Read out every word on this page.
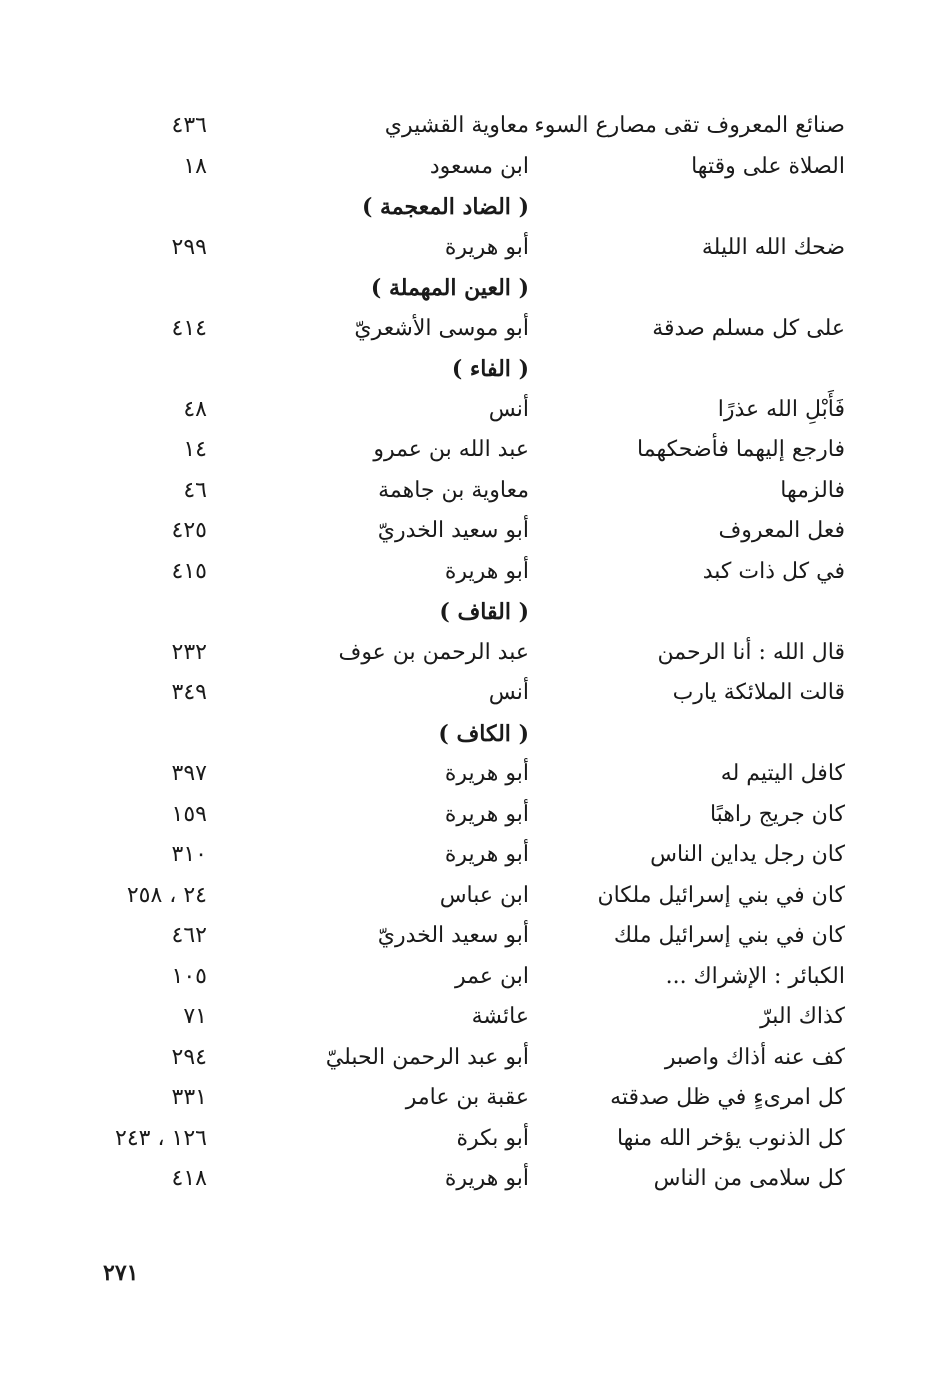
صنائع المعروف تقى مصارع السوء
معاوية القشيري
٤٣٦
الصلاة على وقتها
ابن مسعود
١٨
( الضاد المعجمة )
ضحك الله الليلة
أبو هريرة
٢٩٩
( العين المهملة )
على كل مسلم صدقة
أبو موسى الأشعريّ
٤١٤
( الفاء )
فَأَبْلِ الله عذرًا
أنس
٤٨
فارجع إليهما فأضحكهما
عبد الله بن عمرو
١٤
فالزمها
معاوية بن جاهمة
٤٦
فعل المعروف
أبو سعيد الخدريّ
٤٢٥
في كل ذات كبد
أبو هريرة
٤١٥
( القاف )
قال الله : أنا الرحمن
عبد الرحمن بن عوف
٢٣٢
قالت الملائكة يارب
أنس
٣٤٩
( الكاف )
كافل اليتيم له
أبو هريرة
٣٩٧
كان جريج راهبًا
أبو هريرة
١٥٩
كان رجل يداين الناس
أبو هريرة
٣١٠
كان في بني إسرائيل ملكان
ابن عباس
٢٤ ، ٢٥٨
كان في بني إسرائيل ملك
أبو سعيد الخدريّ
٤٦٢
الكبائر : الإشراك ...
ابن عمر
١٠٥
كذاك البرّ
عائشة
٧١
كف عنه أذاك واصبر
أبو عبد الرحمن الحبليّ
٢٩٤
كل امرىءٍ في ظل صدقته
عقبة بن عامر
٣٣١
كل الذنوب يؤخر الله منها
أبو بكرة
١٢٦ ، ٢٤٣
كل سلامى من الناس
أبو هريرة
٤١٨
٢٧١
